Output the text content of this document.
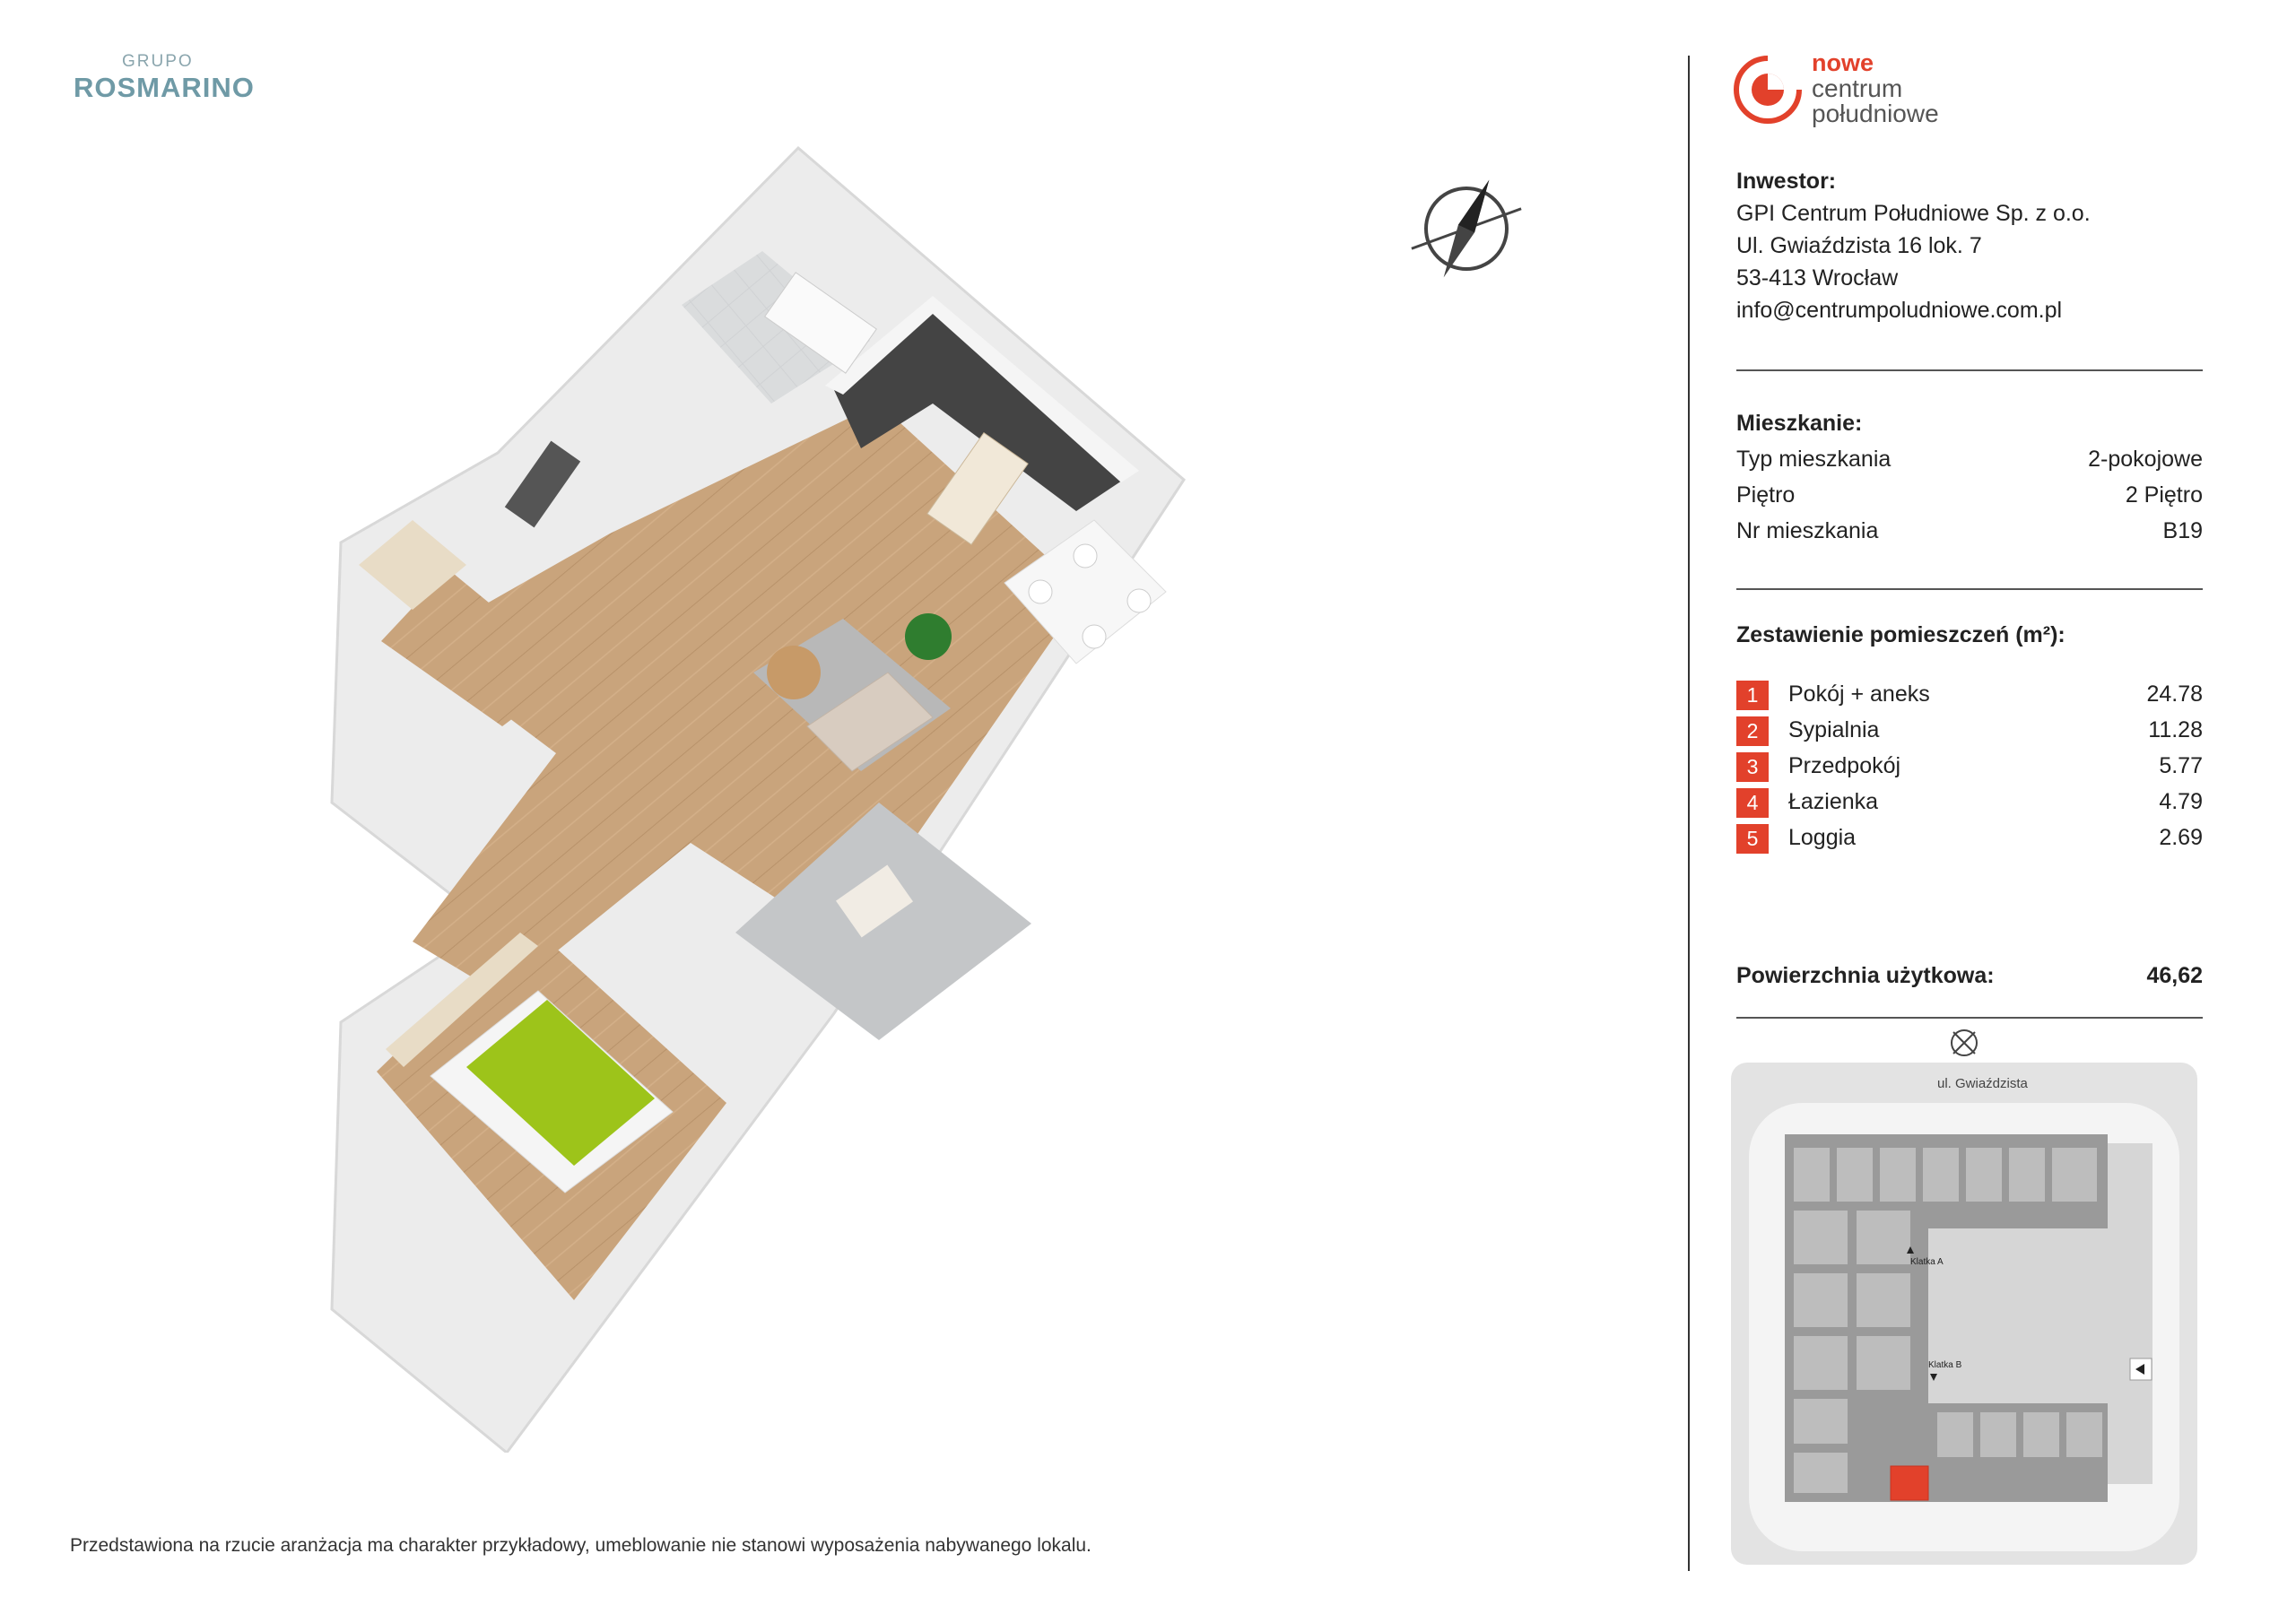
GRUPO
ROSMARINO
Przedstawiona na rzucie aranżacja ma charakter przykładowy, umeblowanie nie stanowi wyposażenia nabywanego lokalu.
nowe
centrum
południowe
Inwestor:
GPI Centrum Południowe Sp. z o.o.
Ul. Gwiaździsta 16 lok. 7
53-413 Wrocław
info@centrumpoludniowe.com.pl
Mieszkanie:
Typ mieszkania	2-pokojowe
Piętro	2 Piętro
Nr mieszkania	B19
Zestawienie pomieszczeń (m²):
1	Pokój + aneks	24.78
2	Sypialnia	11.28
3	Przedpokój	5.77
4	Łazienka	4.79
5	Loggia	2.69
Powierzchnia użytkowa:	46,62
ul. Gwiaździsta
Klatka A
Klatka B
